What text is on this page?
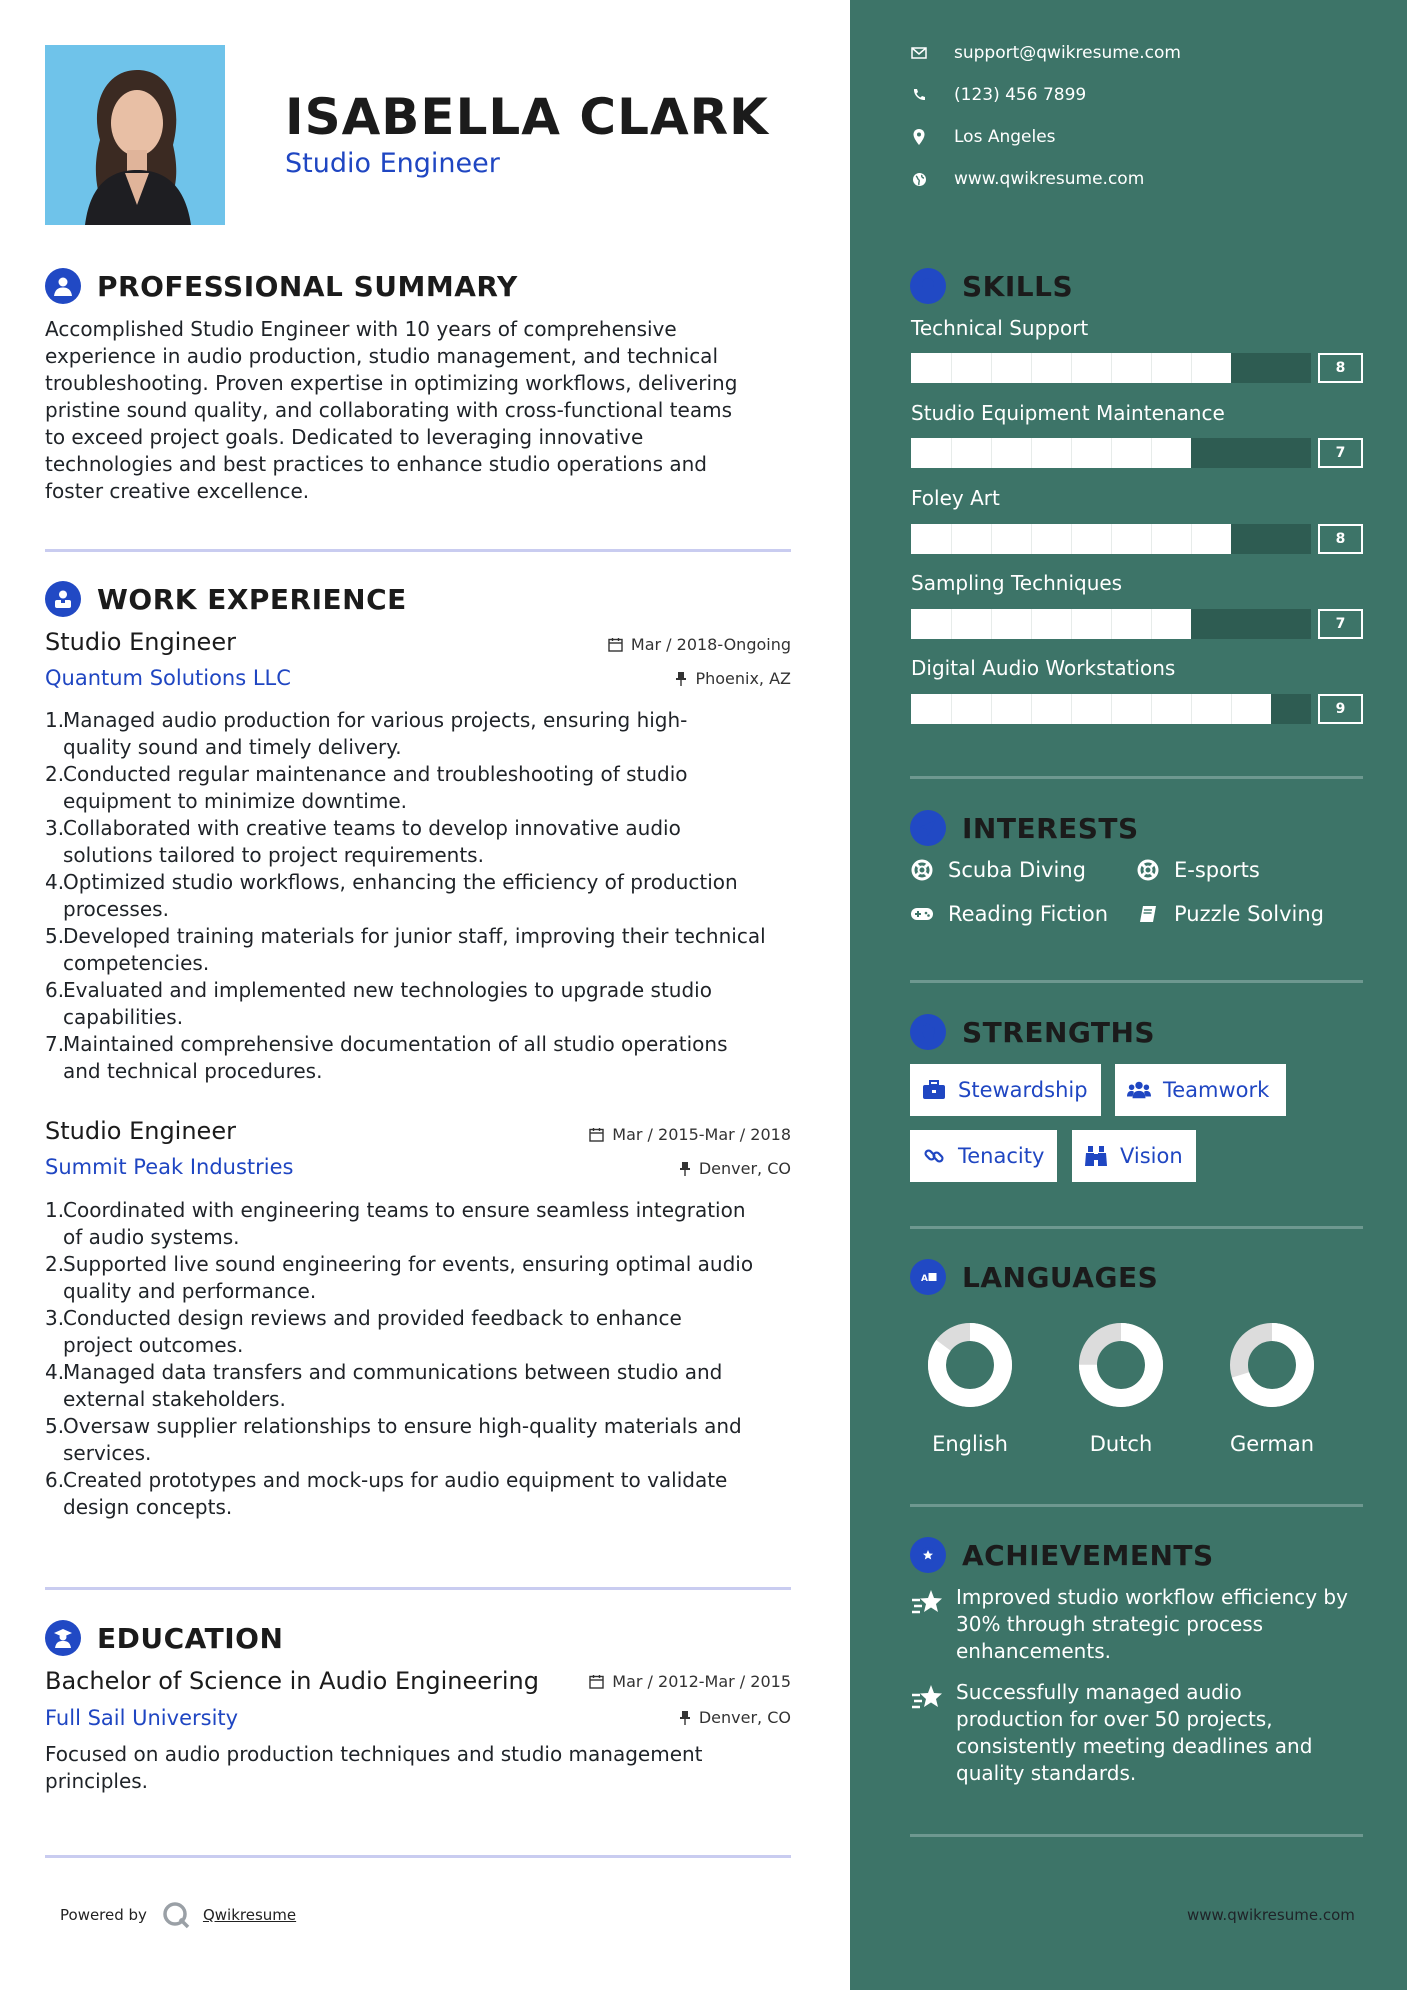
ISABELLA CLARK
Studio Engineer
PROFESSIONAL SUMMARY
Accomplished Studio Engineer with 10 years of comprehensive
experience in audio production, studio management, and technical
troubleshooting. Proven expertise in optimizing workflows, delivering
pristine sound quality, and collaborating with cross-functional teams
to exceed project goals. Dedicated to leveraging innovative
technologies and best practices to enhance studio operations and
foster creative excellence.
WORK EXPERIENCE
Studio Engineer
Quantum Solutions LLC
Mar / 2018-Ongoing
Phoenix, AZ
1.
Managed audio production for various projects, ensuring high-
quality sound and timely delivery.
2.
Conducted regular maintenance and troubleshooting of studio
equipment to minimize downtime.
3.
Collaborated with creative teams to develop innovative audio
solutions tailored to project requirements.
4.
Optimized studio workflows, enhancing the efficiency of production
processes.
5.
Developed training materials for junior staff, improving their technical
competencies.
6.
Evaluated and implemented new technologies to upgrade studio
capabilities.
7.
Maintained comprehensive documentation of all studio operations
and technical procedures.
Studio Engineer
Summit Peak Industries
Mar / 2015-Mar / 2018
Denver, CO
1.
Coordinated with engineering teams to ensure seamless integration
of audio systems.
2.
Supported live sound engineering for events, ensuring optimal audio
quality and performance.
3.
Conducted design reviews and provided feedback to enhance
project outcomes.
4.
Managed data transfers and communications between studio and
external stakeholders.
5.
Oversaw supplier relationships to ensure high-quality materials and
services.
6.
Created prototypes and mock-ups for audio equipment to validate
design concepts.
EDUCATION
Bachelor of Science in Audio Engineering
Full Sail University
Mar / 2012-Mar / 2015
Denver, CO
Focused on audio production techniques and studio management
principles.
Powered by	Qwikresume
support@qwikresume.com
(123) 456 7899
Los Angeles
www.qwikresume.com
SKILLS
Technical Support
8
Studio Equipment Maintenance
7
Foley Art
8
Sampling Techniques
7
Digital Audio Workstations
9
INTERESTS
Scuba Diving	E-sports
Reading Fiction	Puzzle Solving
STRENGTHS
Stewardship	Teamwork
Tenacity	Vision
A LANGUAGES
English	Dutch	German
ACHIEVEMENTS
Improved studio workflow efficiency by
30% through strategic process
enhancements.
Successfully managed audio
production for over 50 projects,
consistently meeting deadlines and
quality standards.
www.qwikresume.com
